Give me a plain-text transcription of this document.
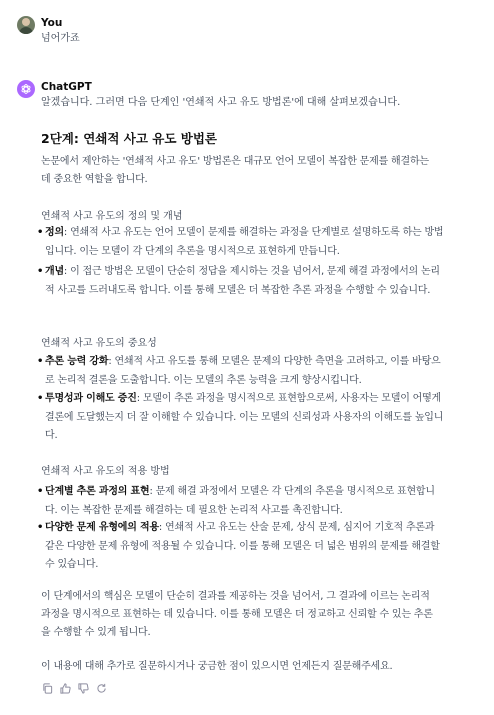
You
넘어가죠
ChatGPT
알겠습니다. 그러면 다음 단계인 '연쇄적 사고 유도 방법론'에 대해 살펴보겠습니다.
2단계: 연쇄적 사고 유도 방법론
논문에서 제안하는 '연쇄적 사고 유도' 방법론은 대규모 언어 모델이 복잡한 문제를 해결하는 데 중요한 역할을 합니다.
연쇄적 사고 유도의 정의 및 개념
• 정의: 연쇄적 사고 유도는 언어 모델이 문제를 해결하는 과정을 단계별로 설명하도록 하는 방법입니다. 이는 모델이 각 단계의 추론을 명시적으로 표현하게 만듭니다.
• 개념: 이 접근 방법은 모델이 단순히 정답을 제시하는 것을 넘어서, 문제 해결 과정에서의 논리적 사고를 드러내도록 합니다. 이를 통해 모델은 더 복잡한 추론 과정을 수행할 수 있습니다.
연쇄적 사고 유도의 중요성
• 추론 능력 강화: 연쇄적 사고 유도를 통해 모델은 문제의 다양한 측면을 고려하고, 이를 바탕으로 논리적 결론을 도출합니다. 이는 모델의 추론 능력을 크게 향상시킵니다.
• 투명성과 이해도 증진: 모델이 추론 과정을 명시적으로 표현함으로써, 사용자는 모델이 어떻게 결론에 도달했는지 더 잘 이해할 수 있습니다. 이는 모델의 신뢰성과 사용자의 이해도를 높입니다.
연쇄적 사고 유도의 적용 방법
• 단계별 추론 과정의 표현: 문제 해결 과정에서 모델은 각 단계의 추론을 명시적으로 표현합니다. 이는 복잡한 문제를 해결하는 데 필요한 논리적 사고를 촉진합니다.
• 다양한 문제 유형에의 적용: 연쇄적 사고 유도는 산술 문제, 상식 문제, 심지어 기호적 추론과 같은 다양한 문제 유형에 적용될 수 있습니다. 이를 통해 모델은 더 넓은 범위의 문제를 해결할 수 있습니다.
이 단계에서의 핵심은 모델이 단순히 결과를 제공하는 것을 넘어서, 그 결과에 이르는 논리적 과정을 명시적으로 표현하는 데 있습니다. 이를 통해 모델은 더 정교하고 신뢰할 수 있는 추론을 수행할 수 있게 됩니다.
이 내용에 대해 추가로 질문하시거나 궁금한 점이 있으시면 언제든지 질문해주세요.
